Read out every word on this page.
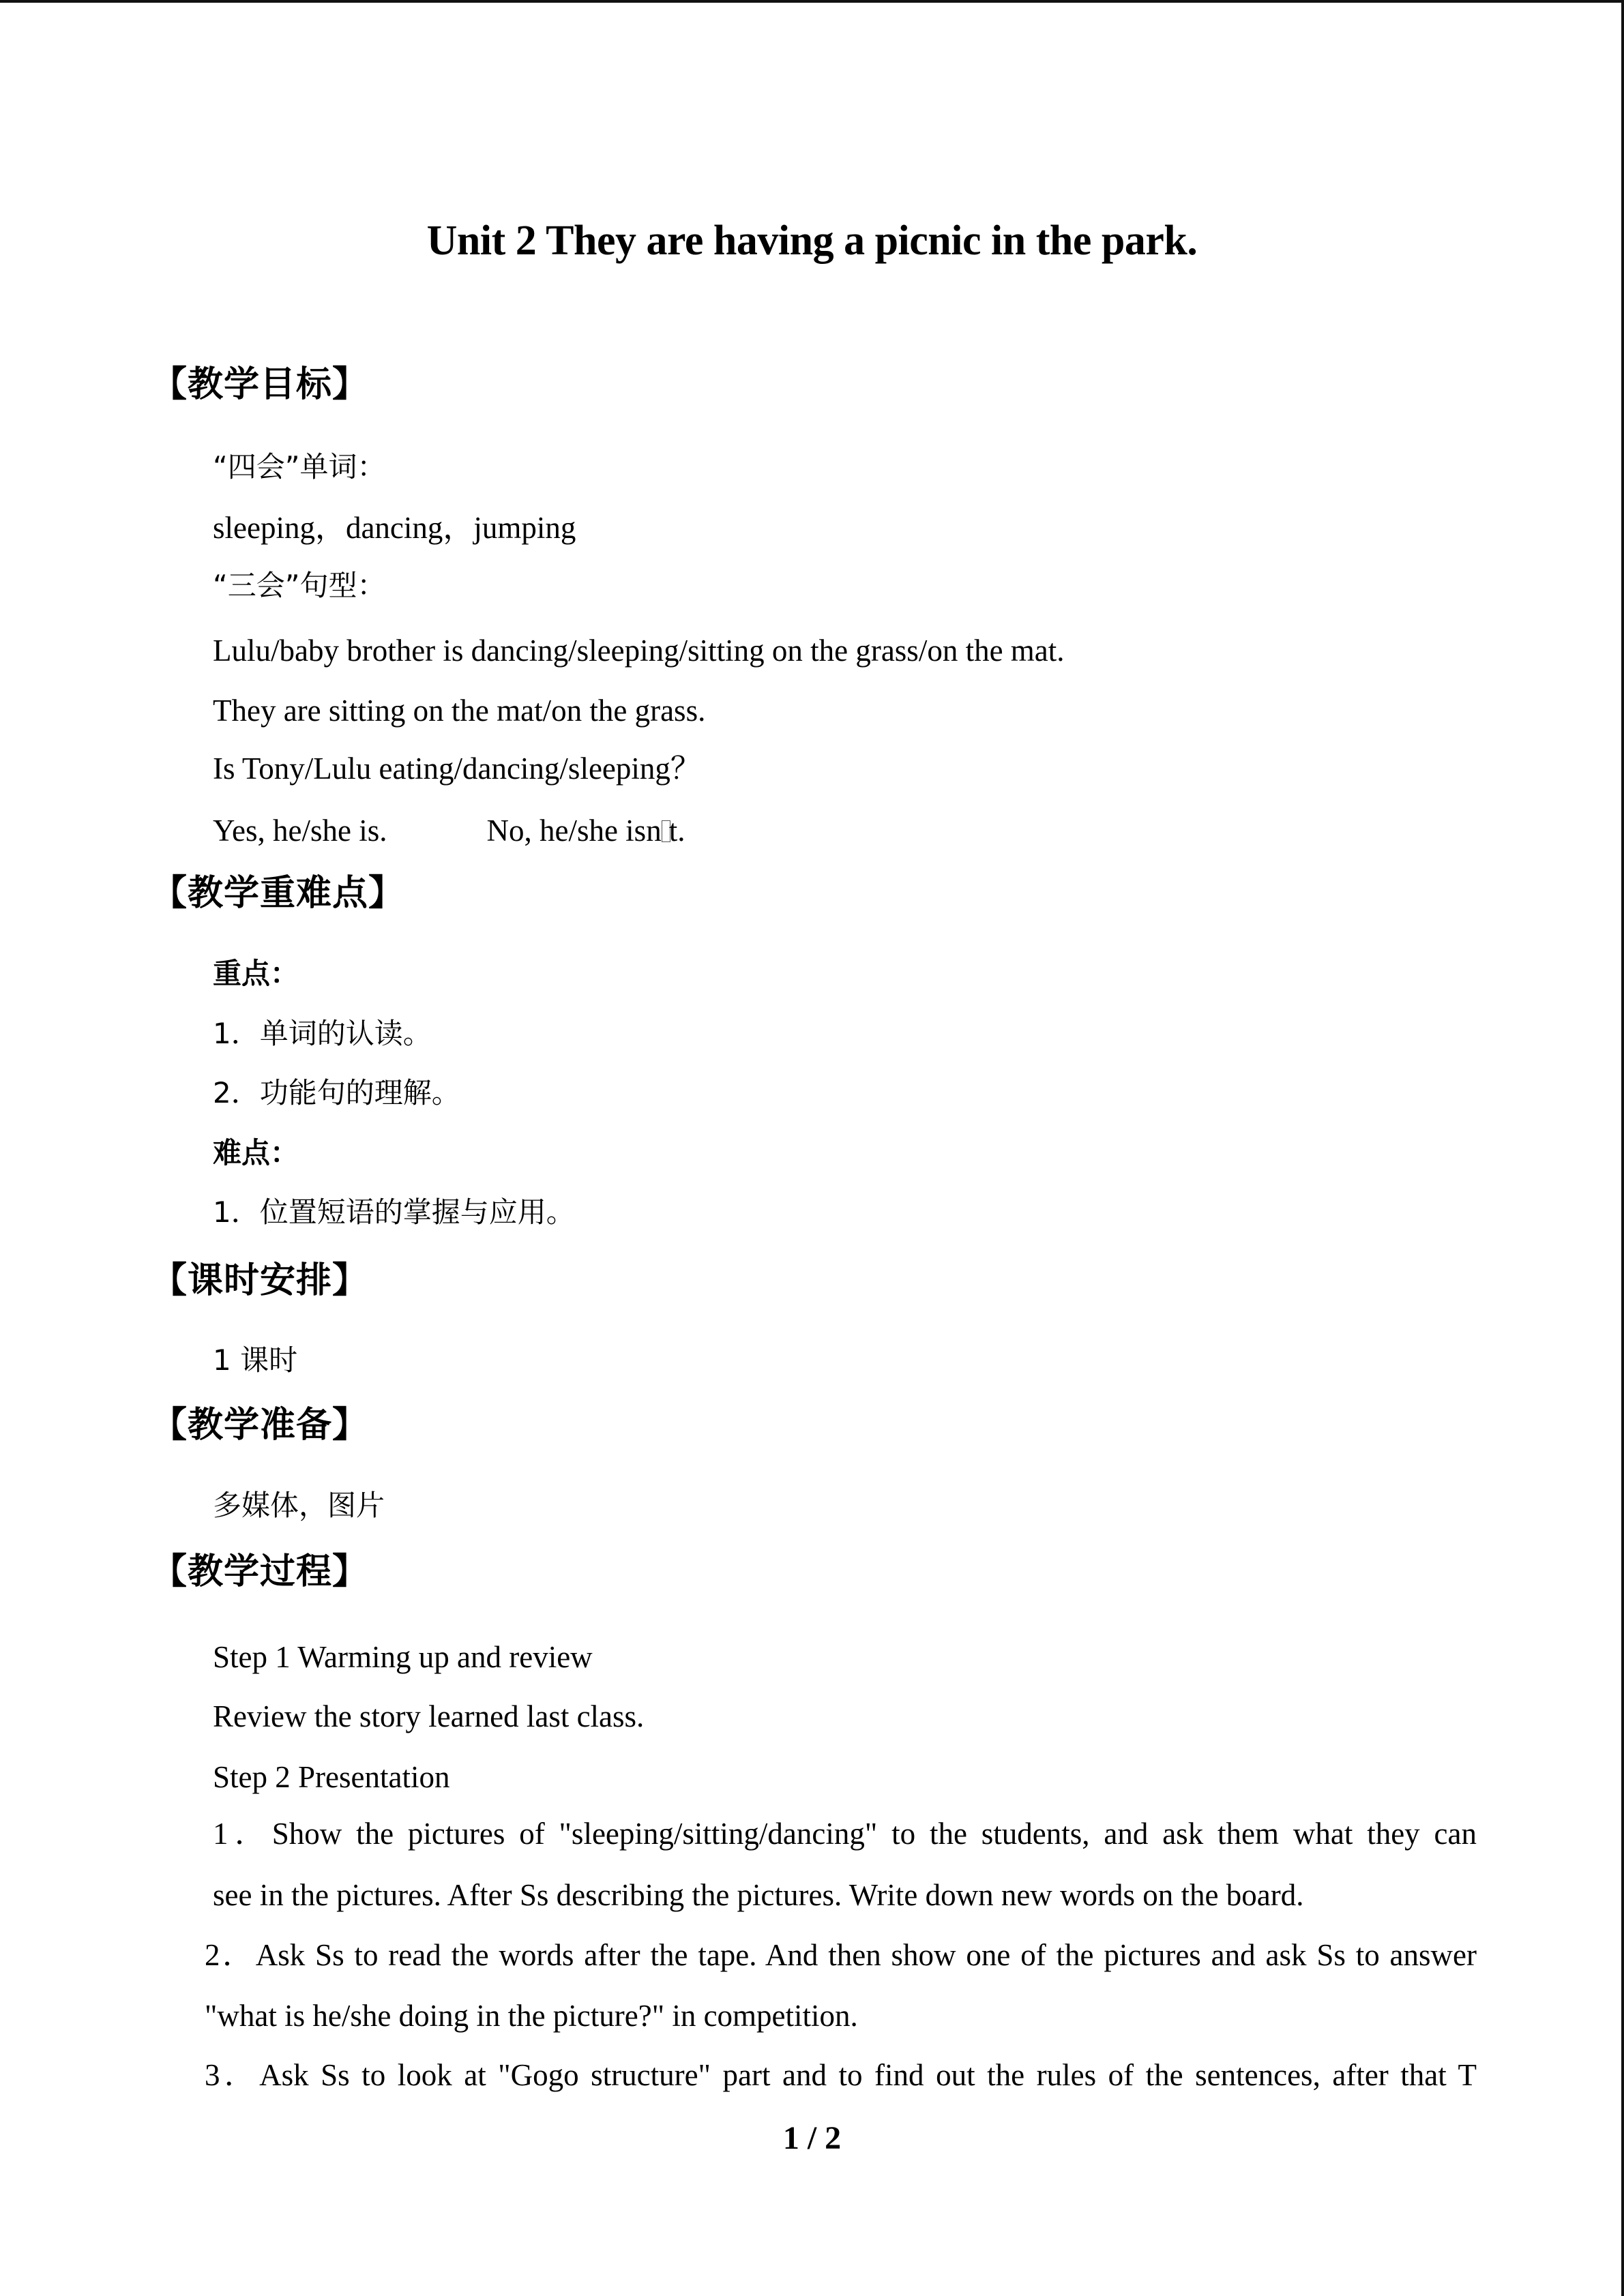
Unit 2 They are having a picnic in the park.
【教学目标】
“四会”单词：
sleeping，dancing，jumping
“三会”句型：
Lulu/baby brother is dancing/sleeping/sitting on the grass/on the mat.
They are sitting on the mat/on the grass.
Is Tony/Lulu eating/dancing/sleeping？
Yes, he/she is.	No, he/she isn t.
【教学重难点】
重点：
1．单词的认读。
2．功能句的理解。
难点：
1．位置短语的掌握与应用。
【课时安排】
1 课时
【教学准备】
多媒体，图片
【教学过程】
Step 1 Warming up and review
Review the story learned last class.
Step 2 Presentation
1．Show the pictures of "sleeping/sitting/dancing" to the students, and ask them what they can
see in the pictures. After Ss describing the pictures. Write down new words on the board.
2．Ask Ss to read the words after the tape. And then show one of the pictures and ask Ss to answer
"what is he/she doing in the picture?" in competition.
3．Ask Ss to look at "Gogo structure" part and to find out the rules of the sentences, after that T
1 / 2
